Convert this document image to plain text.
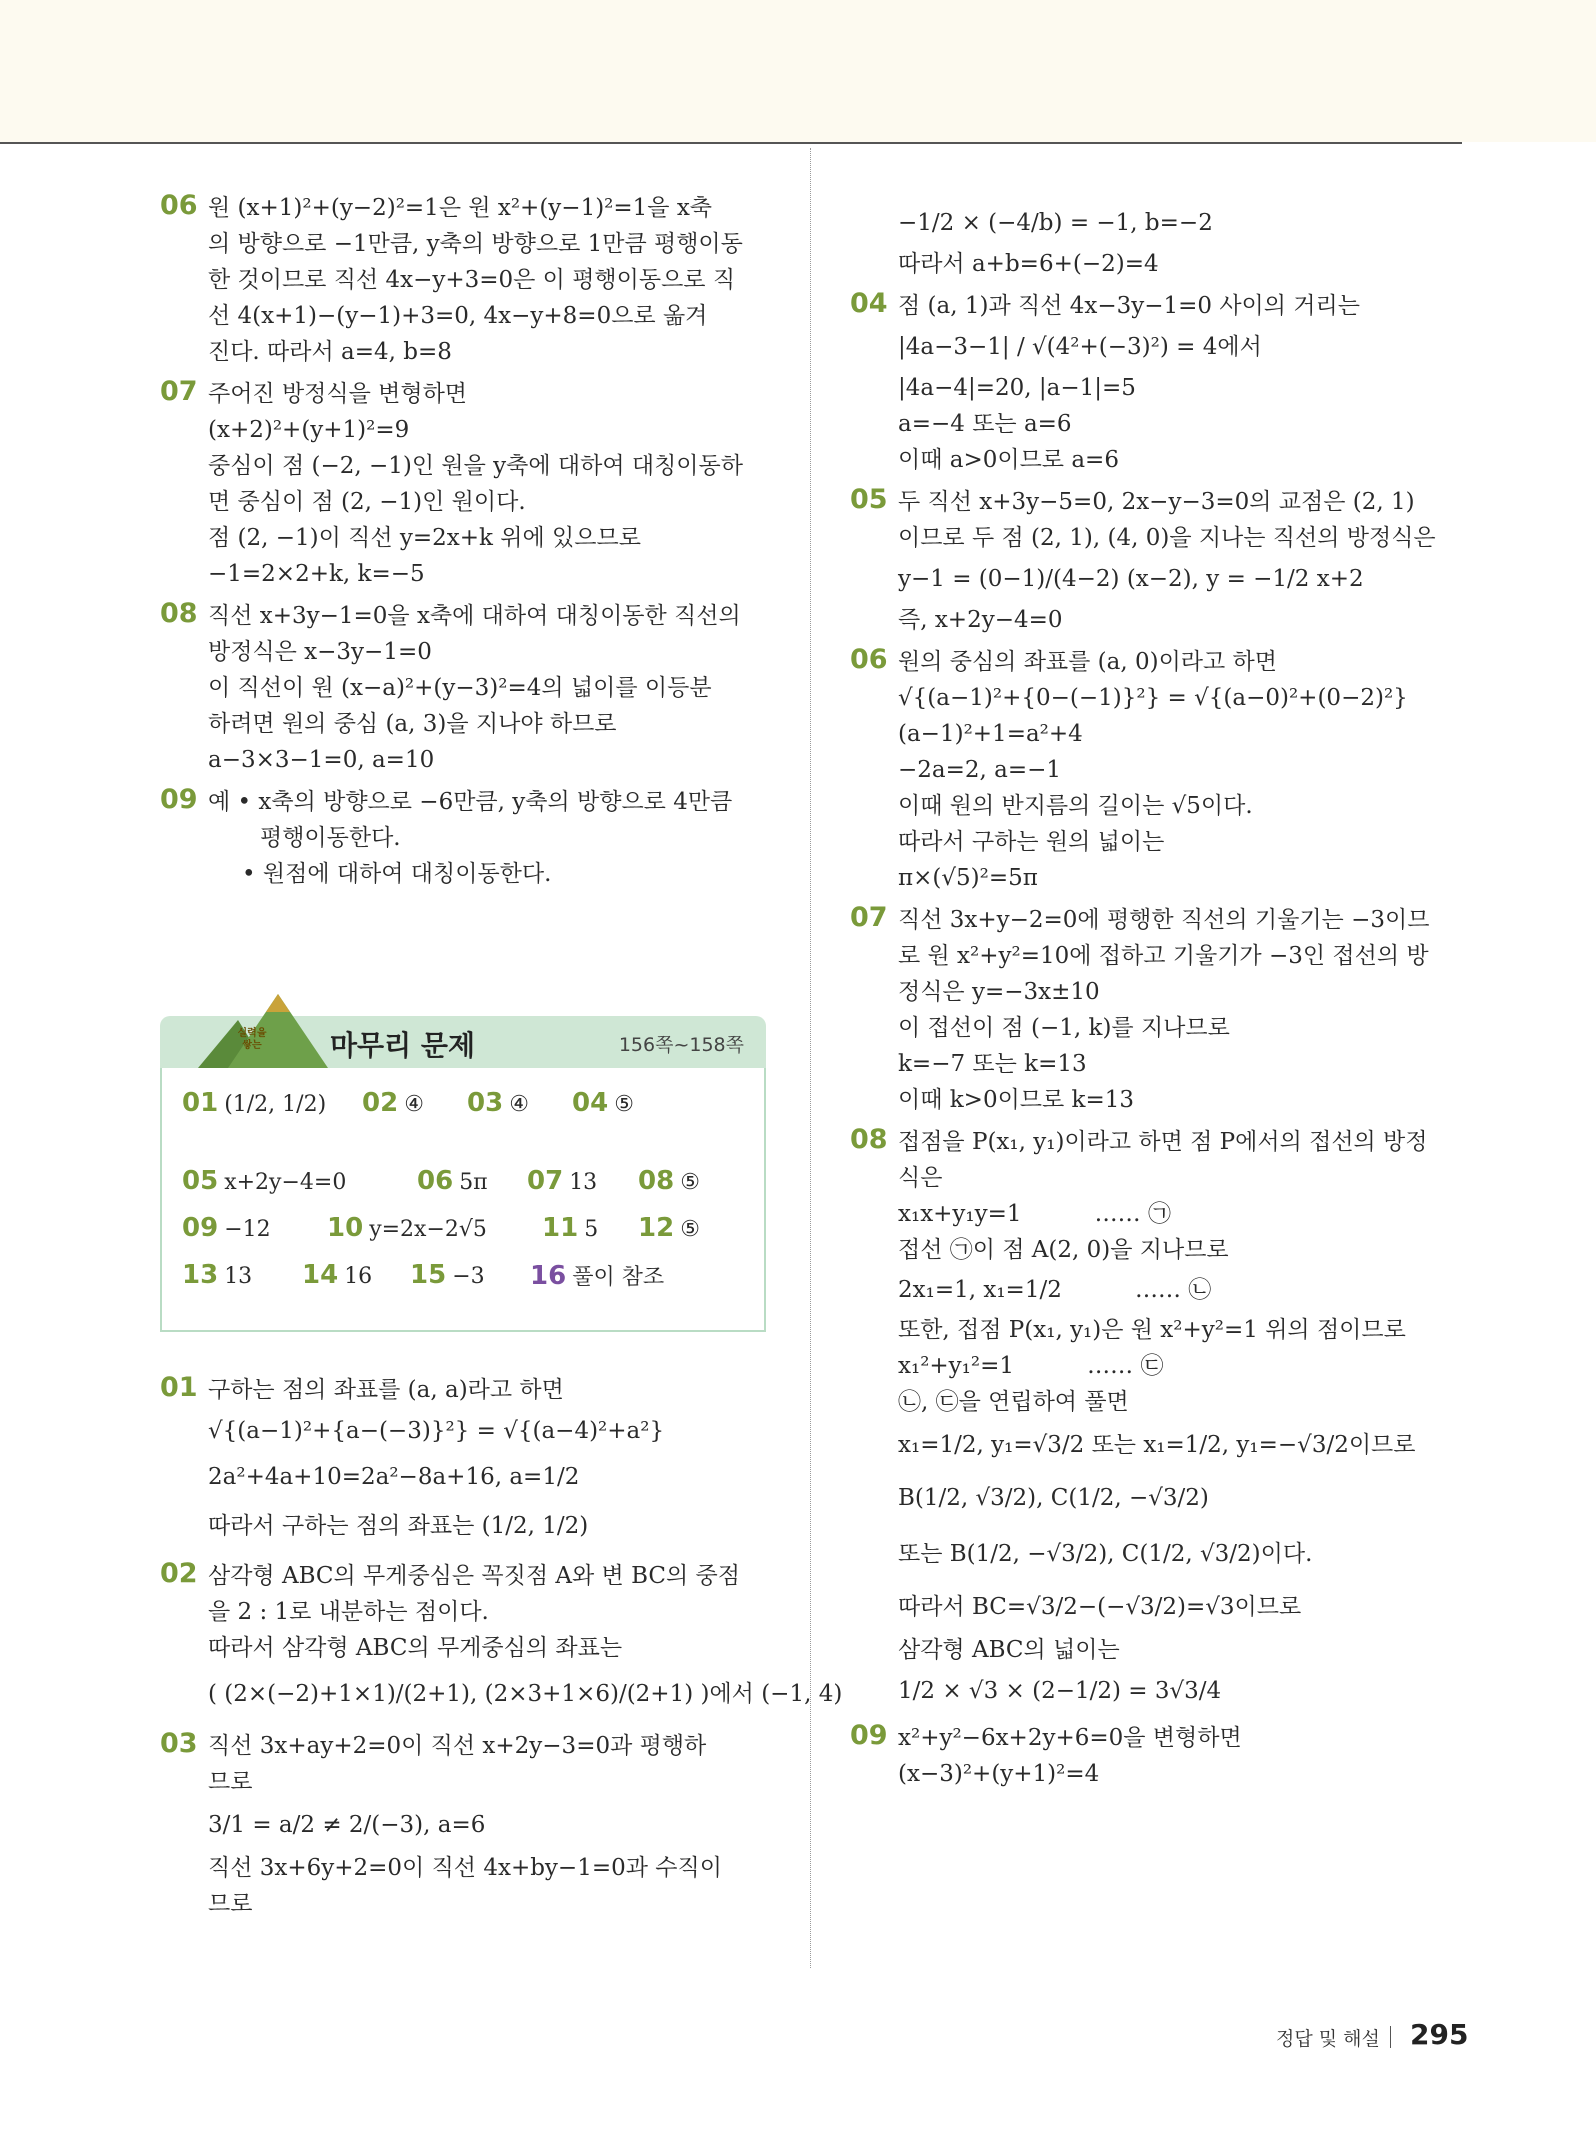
06 원 (x+1)²+(y−2)²=1은 원 x²+(y−1)²=1을 x축
의 방향으로 −1만큼, y축의 방향으로 1만큼 평행이동
한 것이므로 직선 4x−y+3=0은 이 평행이동으로 직
선 4(x+1)−(y−1)+3=0, 4x−y+8=0으로 옮겨
진다. 따라서 a=4, b=8
07 주어진 방정식을 변형하면
(x+2)²+(y+1)²=9
중심이 점 (−2, −1)인 원을 y축에 대하여 대칭이동하
면 중심이 점 (2, −1)인 원이다.
점 (2, −1)이 직선 y=2x+k 위에 있으므로
−1=2×2+k, k=−5
08 직선 x+3y−1=0을 x축에 대하여 대칭이동한 직선의
방정식은 x−3y−1=0
이 직선이 원 (x−a)²+(y−3)²=4의 넓이를 이등분
하려면 원의 중심 (a, 3)을 지나야 하므로
a−3×3−1=0, a=10
09 예 • x축의 방향으로 −6만큼, y축의 방향으로 4만큼
평행이동한다.
• 원점에 대하여 대칭이동한다.
실력을 쌓는	마무리 문제	156쪽~158쪽
01 (1/2, 1/2) 02 ④ 03 ④ 04 ⑤
05 x+2y−4=0	06 5π 07 13 08 ⑤
09 −12 10 y=2x−2√5 11 5 12 ⑤
13 13 14 16 15 −3 16 풀이 참조
01 구하는 점의 좌표를 (a, a)라고 하면
√{(a−1)²+{a−(−3)}²} = √{(a−4)²+a²}
2a²+4a+10=2a²−8a+16, a=1/2
따라서 구하는 점의 좌표는 (1/2, 1/2)
02 삼각형 ABC의 무게중심은 꼭짓점 A와 변 BC의 중점
을 2 : 1로 내분하는 점이다.
따라서 삼각형 ABC의 무게중심의 좌표는
( (2×(−2)+1×1)/(2+1), (2×3+1×6)/(2+1) )에서 (−1, 4)
03 직선 3x+ay+2=0이 직선 x+2y−3=0과 평행하
므로
3/1 = a/2 ≠ 2/(−3), a=6
직선 3x+6y+2=0이 직선 4x+by−1=0과 수직이
므로
−1/2 × (−4/b) = −1, b=−2
따라서 a+b=6+(−2)=4
04 점 (a, 1)과 직선 4x−3y−1=0 사이의 거리는
|4a−3−1| / √(4²+(−3)²) = 4에서
|4a−4|=20, |a−1|=5
a=−4 또는 a=6
이때 a>0이므로 a=6
05 두 직선 x+3y−5=0, 2x−y−3=0의 교점은 (2, 1)
이므로 두 점 (2, 1), (4, 0)을 지나는 직선의 방정식은
y−1 = (0−1)/(4−2) (x−2), y = −1/2 x+2
즉, x+2y−4=0
06 원의 중심의 좌표를 (a, 0)이라고 하면
√{(a−1)²+{0−(−1)}²} = √{(a−0)²+(0−2)²}
(a−1)²+1=a²+4
−2a=2, a=−1
이때 원의 반지름의 길이는 √5이다.
따라서 구하는 원의 넓이는
π×(√5)²=5π
07 직선 3x+y−2=0에 평행한 직선의 기울기는 −3이므
로 원 x²+y²=10에 접하고 기울기가 −3인 접선의 방
정식은 y=−3x±10
이 접선이 점 (−1, k)를 지나므로
k=−7 또는 k=13
이때 k>0이므로 k=13
08 접점을 P(x₁, y₁)이라고 하면 점 P에서의 접선의 방정
식은
x₁x+y₁y=1          …… ㉠
접선 ㉠이 점 A(2, 0)을 지나므로
2x₁=1, x₁=1/2          …… ㉡
또한, 접점 P(x₁, y₁)은 원 x²+y²=1 위의 점이므로
x₁²+y₁²=1          …… ㉢
㉡, ㉢을 연립하여 풀면
x₁=1/2, y₁=√3/2 또는 x₁=1/2, y₁=−√3/2이므로
B(1/2, √3/2), C(1/2, −√3/2)
또는 B(1/2, −√3/2), C(1/2, √3/2)이다.
따라서 BC=√3/2−(−√3/2)=√3이므로
삼각형 ABC의 넓이는
1/2 × √3 × (2−1/2) = 3√3/4
09 x²+y²−6x+2y+6=0을 변형하면
(x−3)²+(y+1)²=4
정답 및 해설 295
